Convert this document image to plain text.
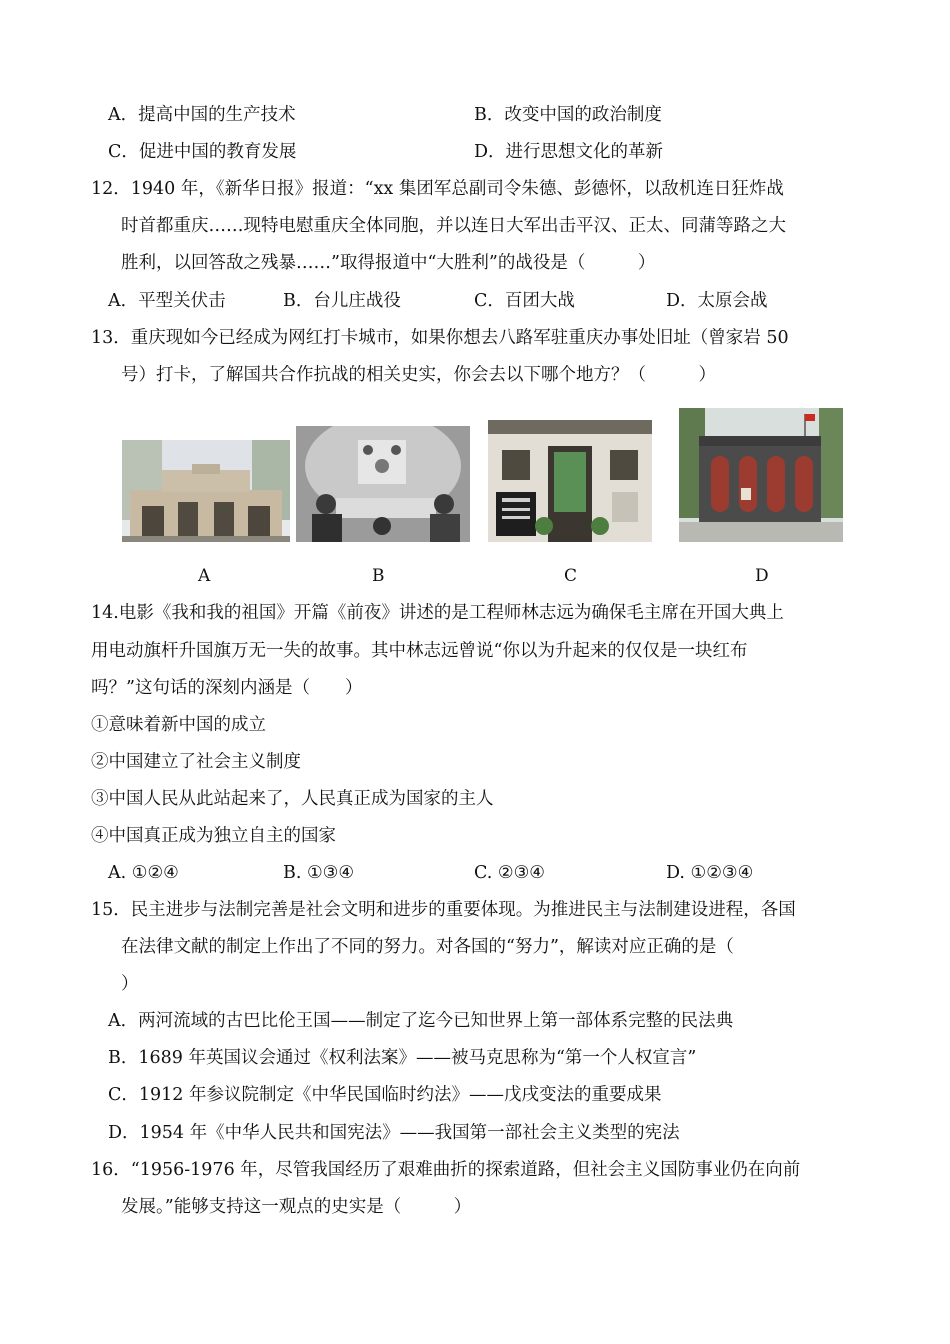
A．提高中国的生产技术	B．改变中国的政治制度
C．促进中国的教育发展	D．进行思想文化的革新
12．1940 年，《新华日报》报道：“xx 集团军总副司令朱德、彭德怀，以敌机连日狂炸战
时首都重庆……现特电慰重庆全体同胞，并以连日大军出击平汉、正太、同蒲等路之大
胜利，以回答敌之残暴……”取得报道中“大胜利”的战役是（　　　）
A．平型关伏击	B．台儿庄战役	C．百团大战	D．太原会战
13．重庆现如今已经成为网红打卡城市，如果你想去八路军驻重庆办事处旧址（曾家岩 50
号）打卡，了解国共合作抗战的相关史实，你会去以下哪个地方？（　　　）
A	B	C	D
14.电影《我和我的祖国》开篇《前夜》讲述的是工程师林志远为确保毛主席在开国大典上
用电动旗杆升国旗万无一失的故事。其中林志远曾说“你以为升起来的仅仅是一块红布
吗？”这句话的深刻内涵是（　　）
①意味着新中国的成立
②中国建立了社会主义制度
③中国人民从此站起来了，人民真正成为国家的主人
④中国真正成为独立自主的国家
A. ①②④	B. ①③④	C. ②③④	D. ①②③④
15．民主进步与法制完善是社会文明和进步的重要体现。为推进民主与法制建设进程，各国
在法律文献的制定上作出了不同的努力。对各国的“努力”，解读对应正确的是（
）
A．两河流域的古巴比伦王国——制定了迄今已知世界上第一部体系完整的民法典
B．1689 年英国议会通过《权利法案》——被马克思称为“第一个人权宣言”
C．1912 年参议院制定《中华民国临时约法》——戊戌变法的重要成果
D．1954 年《中华人民共和国宪法》——我国第一部社会主义类型的宪法
16．“1956-1976 年，尽管我国经历了艰难曲折的探索道路，但社会主义国防事业仍在向前
发展。”能够支持这一观点的史实是（　　　）
